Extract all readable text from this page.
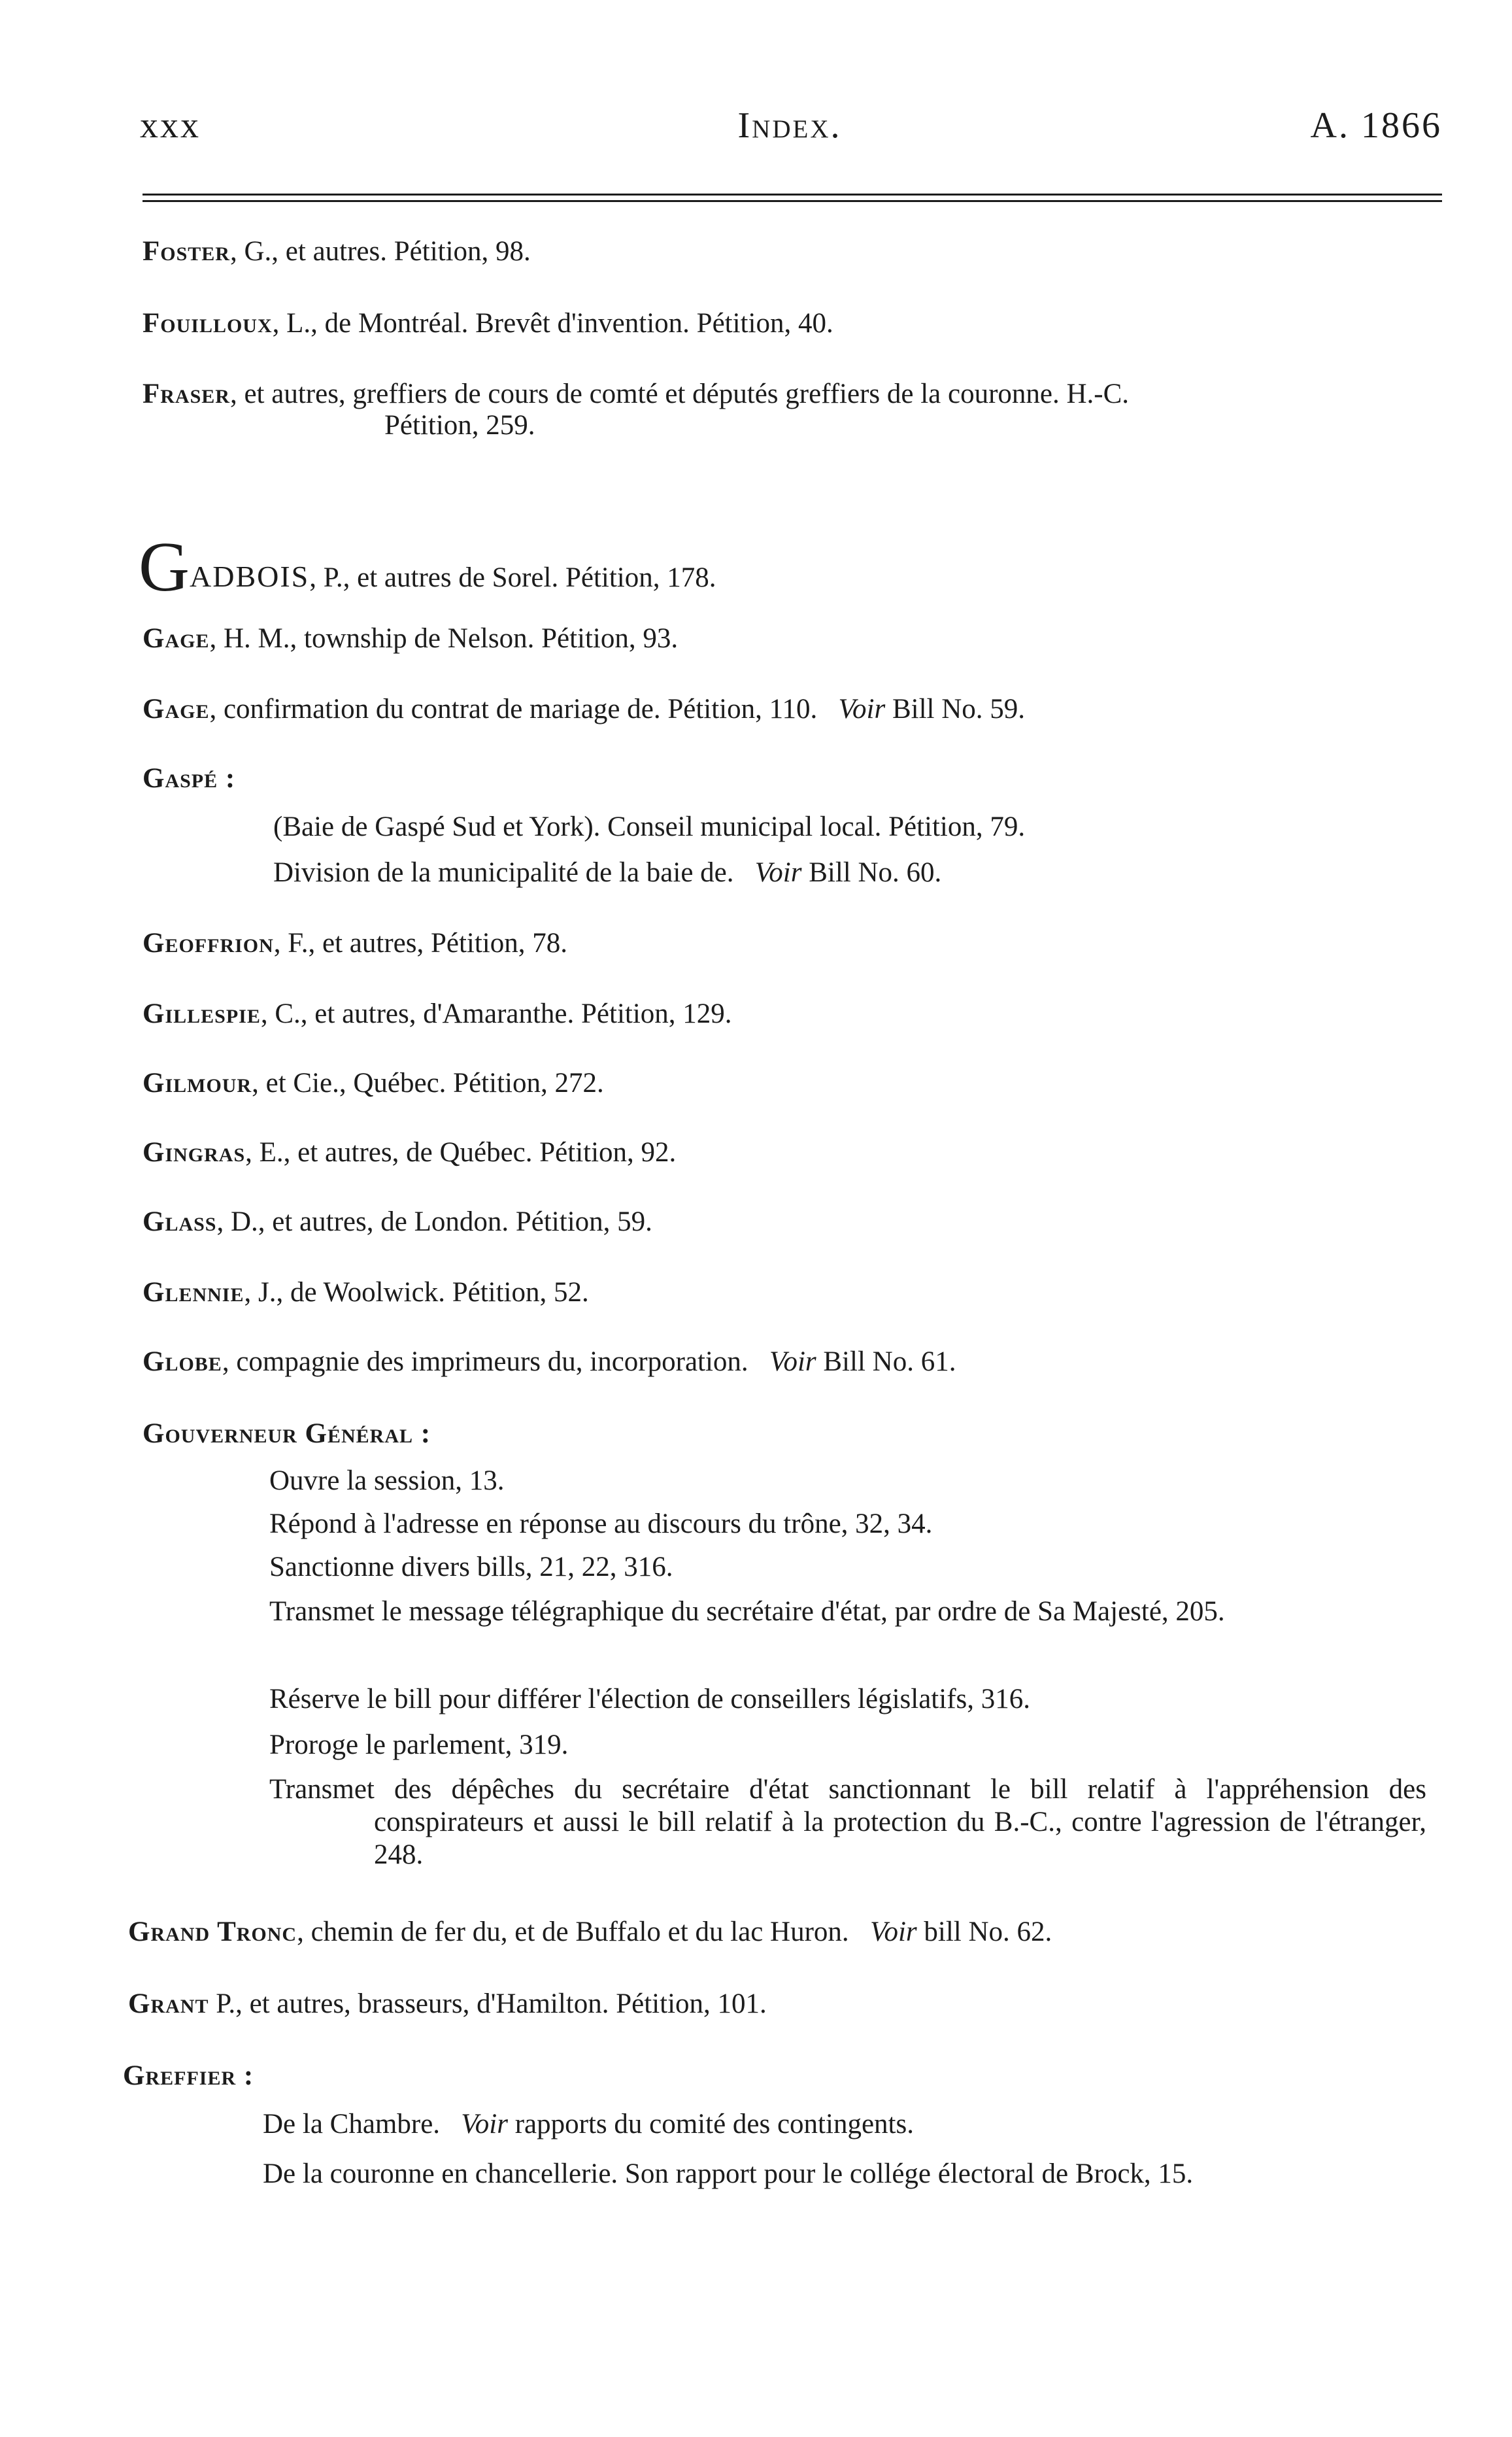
xxx	Index.	A. 1866
Foster, G., et autres. Pétition, 98.
Fouilloux, L., de Montréal. Brevêt d'invention. Pétition, 40.
Fraser, et autres, greffiers de cours de comté et députés greffiers de la couronne. H.-C.
Pétition, 259.
GADBOIS, P., et autres de Sorel. Pétition, 178.
Gage, H. M., township de Nelson. Pétition, 93.
Gage, confirmation du contrat de mariage de. Pétition, 110. Voir Bill No. 59.
Gaspé :
(Baie de Gaspé Sud et York). Conseil municipal local. Pétition, 79.
Division de la municipalité de la baie de. Voir Bill No. 60.
Geoffrion, F., et autres, Pétition, 78.
Gillespie, C., et autres, d'Amaranthe. Pétition, 129.
Gilmour, et Cie., Québec. Pétition, 272.
Gingras, E., et autres, de Québec. Pétition, 92.
Glass, D., et autres, de London. Pétition, 59.
Glennie, J., de Woolwick. Pétition, 52.
Globe, compagnie des imprimeurs du, incorporation. Voir Bill No. 61.
Gouverneur Général :
Ouvre la session, 13.
Répond à l'adresse en réponse au discours du trône, 32, 34.
Sanctionne divers bills, 21, 22, 316.
Transmet le message télégraphique du secrétaire d'état, par ordre de Sa Majesté, 205.
Réserve le bill pour différer l'élection de conseillers législatifs, 316.
Proroge le parlement, 319.
Transmet des dépêches du secrétaire d'état sanctionnant le bill relatif à l'appréhension des conspirateurs et aussi le bill relatif à la protection du B.-C., contre l'agression de l'étranger, 248.
Grand Tronc, chemin de fer du, et de Buffalo et du lac Huron. Voir bill No. 62.
Grant P., et autres, brasseurs, d'Hamilton. Pétition, 101.
Greffier :
De la Chambre. Voir rapports du comité des contingents.
De la couronne en chancellerie. Son rapport pour le collége électoral de Brock, 15.
